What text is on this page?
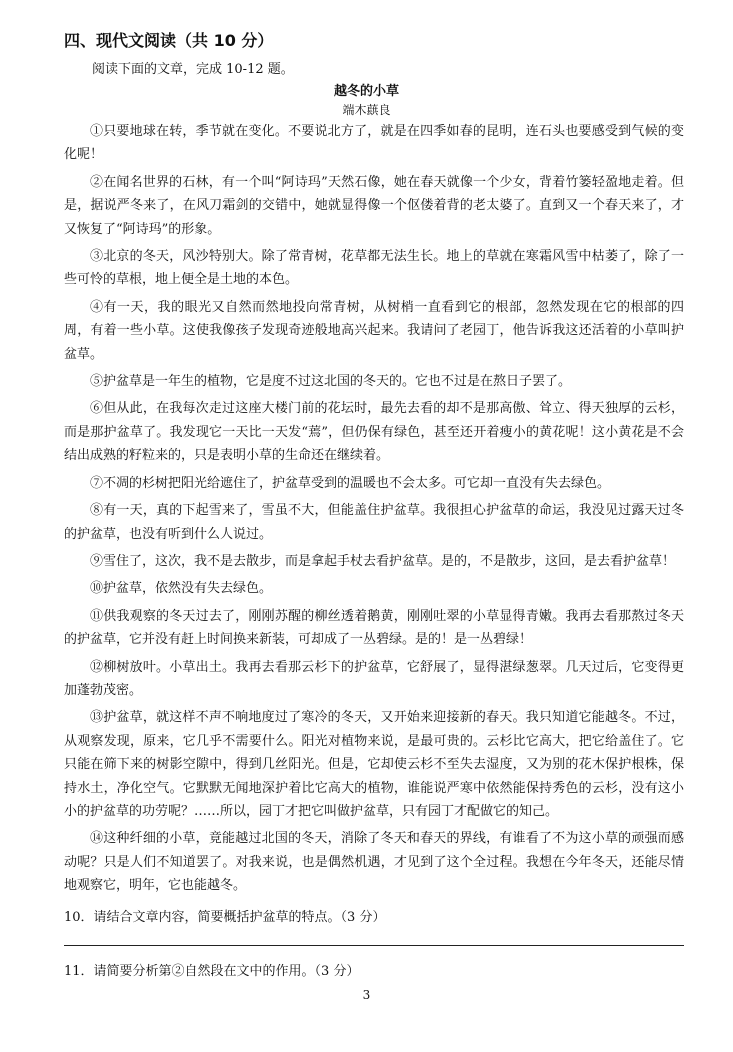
四、现代文阅读（共 10 分）
阅读下面的文章，完成 10-12 题。
越冬的小草
端木蕻良

①只要地球在转，季节就在变化。不要说北方了，就是在四季如春的昆明，连石头也要感受到气候的变化呢！

②在闻名世界的石林，有一个叫“阿诗玛”天然石像，她在春天就像一个少女，背着竹篓轻盈地走着。但是，据说严冬来了，在风刀霜剑的交错中，她就显得像一个伛偻着背的老太婆了。直到又一个春天来了，才又恢复了“阿诗玛”的形象。

③北京的冬天，风沙特别大。除了常青树，花草都无法生长。地上的草就在寒霜风雪中枯萎了，除了一些可怜的草根，地上便全是土地的本色。

④有一天，我的眼光又自然而然地投向常青树，从树梢一直看到它的根部，忽然发现在它的根部的四周，有着一些小草。这使我像孩子发现奇迹般地高兴起来。我请问了老园丁，他告诉我这还活着的小草叫护盆草。

⑤护盆草是一年生的植物，它是度不过这北国的冬天的。它也不过是在熬日子罢了。

⑥但从此，在我每次走过这座大楼门前的花坛时，最先去看的却不是那高傲、耸立、得天独厚的云杉，而是那护盆草了。我发现它一天比一天发“蔫”，但仍保有绿色，甚至还开着瘦小的黄花呢！这小黄花是不会结出成熟的籽粒来的，只是表明小草的生命还在继续着。

⑦不凋的杉树把阳光给遮住了，护盆草受到的温暖也不会太多。可它却一直没有失去绿色。

⑧有一天，真的下起雪来了，雪虽不大，但能盖住护盆草。我很担心护盆草的命运，我没见过露天过冬的护盆草，也没有听到什么人说过。

⑨雪住了，这次，我不是去散步，而是拿起手杖去看护盆草。是的，不是散步，这回，是去看护盆草！

⑩护盆草，依然没有失去绿色。

⑪供我观察的冬天过去了，刚刚苏醒的柳丝透着鹅黄，刚刚吐翠的小草显得青嫩。我再去看那熬过冬天的护盆草，它并没有赶上时间换来新装，可却成了一丛碧绿。是的！是一丛碧绿！

⑫柳树放叶。小草出土。我再去看那云杉下的护盆草，它舒展了，显得湛绿葱翠。几天过后，它变得更加蓬勃茂密。

⑬护盆草，就这样不声不响地度过了寒冷的冬天，又开始来迎接新的春天。我只知道它能越冬。不过，从观察发现，原来，它几乎不需要什么。阳光对植物来说，是最可贵的。云杉比它高大，把它给盖住了。它只能在筛下来的树影空隙中，得到几丝阳光。但是，它却使云杉不至失去湿度，又为别的花木保护根株，保持水土，净化空气。它默默无闻地深护着比它高大的植物，谁能说严寒中依然能保持秀色的云杉，没有这小小的护盆草的功劳呢？……所以，园丁才把它叫做护盆草，只有园丁才配做它的知己。

⑭这种纤细的小草，竟能越过北国的冬天，消除了冬天和春天的界线，有谁看了不为这小草的顽强而感动呢？只是人们不知道罢了。对我来说，也是偶然机遇，才见到了这个全过程。我想在今年冬天，还能尽情地观察它，明年，它也能越冬。

10．请结合文章内容，简要概括护盆草的特点。（3 分）
11．请简要分析第②自然段在文中的作用。（3 分）
3
